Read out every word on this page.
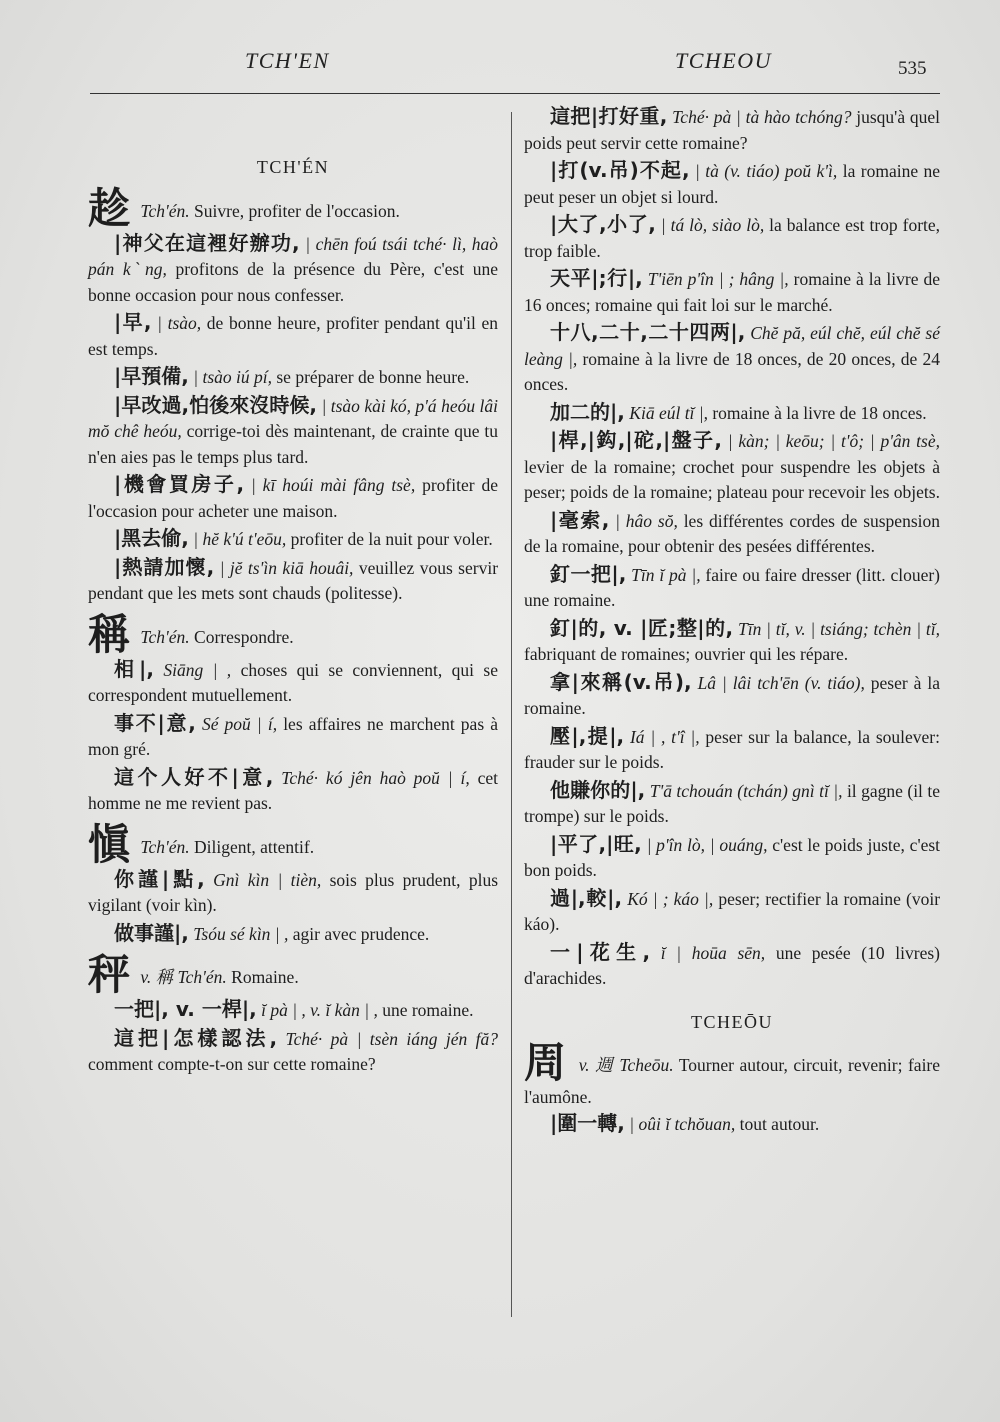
TCH'EN	TCHEOU	535
TCH'ÉN

趁 Tch'én. Suivre, profiter de l'occasion.

|神父在這裡好辦功, | chēn foú tsái tché· lì, haò pán kˋng, profitons de la présence du Père, c'est une bonne occasion pour nous confesser.

|早, | tsào, de bonne heure, profiter pendant qu'il en est temps.

|早預備, | tsào iú pí, se préparer de bonne heure.

|早改過,怕後來沒時候, | tsào kài kó, p'á heóu lâi mŏ chê heóu, corrige-toi dès maintenant, de crainte que tu n'en aies pas le temps plus tard.

|機會買房子, | kī hoúi mài fâng tsè, profiter de l'occasion pour acheter une maison.

|黑去偷, | hĕ k'ú t'eōu, profiter de la nuit pour voler.

|熱請加懷, | jĕ ts'ìn kiā houâi, veuillez vous servir pendant que les mets sont chauds (politesse).

稱 Tch'én. Correspondre.

相|, Siāng | , choses qui se conviennent, qui se correspondent mutuellement.

事不|意, Sé poŭ | í, les affaires ne marchent pas à mon gré.

這个人好不|意, Tché· kó jên haò poŭ | í, cet homme ne me revient pas.

愼 Tch'én. Diligent, attentif.

你謹|點, Gnì kìn | tièn, sois plus prudent, plus vigilant (voir kìn).

做事謹|, Tsóu sé kìn | , agir avec prudence.

秤 v. 稱 Tch'én. Romaine.

一把|, v. 一桿|, ĭ pà | , v. ĭ kàn | , une romaine.

這把|怎樣認法, Tché· pà | tsèn iáng jén fă? comment compte-t-on sur cette romaine?

這把|打好重, Tché· pà | tà hào tchóng? jusqu'à quel poids peut servir cette romaine?

|打(v.吊)不起, | tà (v. tiáo) poŭ k'ì, la romaine ne peut peser un objet si lourd.

|大了,小了, | tá lò, siào lò, la balance est trop forte, trop faible.

天平|;行|, T'iēn p'în | ; hâng |, romaine à la livre de 16 onces; romaine qui fait loi sur le marché.

十八,二十,二十四两|, Chĕ pă, eúl chĕ, eúl chĕ sé leàng |, romaine à la livre de 18 onces, de 20 onces, de 24 onces.

加二的|, Kiā eúl tĭ |, romaine à la livre de 18 onces.

|桿,|鈎,|砣,|盤子, | kàn; | keōu; | t'ô; | p'ân tsè, levier de la romaine; crochet pour suspendre les objets à peser; poids de la romaine; plateau pour recevoir les objets.

|毫索, | hâo sŏ, les différentes cordes de suspension de la romaine, pour obtenir des pesées différentes.

釘一把|, Tīn ĭ pà |, faire ou faire dresser (litt. clouer) une romaine.

釘|的, v. |匠;整|的, Tīn | tĭ, v. | tsiáng; tchèn | tĭ, fabriquant de romaines; ouvrier qui les répare.

拿|來稱(v.吊), Lâ | lâi tch'ēn (v. tiáo), peser à la romaine.

壓|,提|, Iá | , t'î |, peser sur la balance, la soulever: frauder sur le poids.

他賺你的|, T'ā tchouán (tchán) gnì tĭ |, il gagne (il te trompe) sur le poids.

|平了,|旺, | p'în lò, | ouáng, c'est le poids juste, c'est bon poids.

過|,較|, Kó | ; káo |, peser; rectifier la romaine (voir káo).

一|花生, ĭ | hoūa sēn, une pesée (10 livres) d'arachides.

TCHEŌU

周 v. 週 Tcheōu. Tourner autour, circuit, revenir; faire l'aumône.

|圍一轉, | oûi ĭ tchŏuan, tout autour.
